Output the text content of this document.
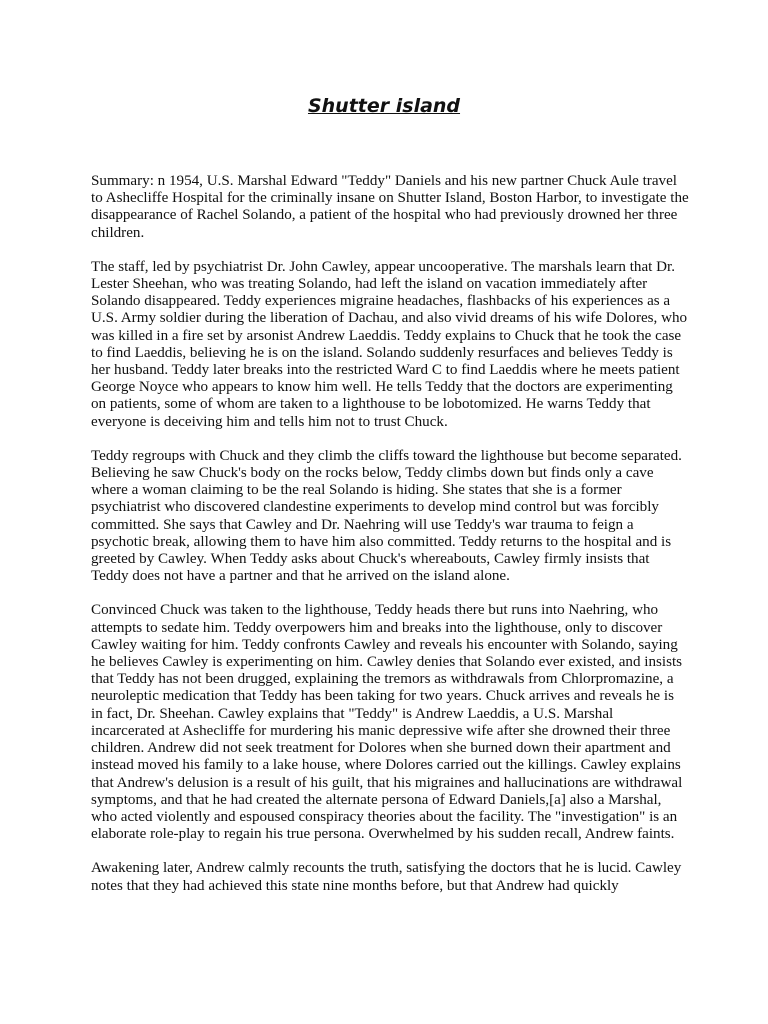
Shutter island

Summary: n 1954, U.S. Marshal Edward "Teddy" Daniels and his new partner Chuck Aule travel to Ashecliffe Hospital for the criminally insane on Shutter Island, Boston Harbor, to investigate the disappearance of Rachel Solando, a patient of the hospital who had previously drowned her three children.

The staff, led by psychiatrist Dr. John Cawley, appear uncooperative. The marshals learn that Dr. Lester Sheehan, who was treating Solando, had left the island on vacation immediately after Solando disappeared. Teddy experiences migraine headaches, flashbacks of his experiences as a U.S. Army soldier during the liberation of Dachau, and also vivid dreams of his wife Dolores, who was killed in a fire set by arsonist Andrew Laeddis. Teddy explains to Chuck that he took the case to find Laeddis, believing he is on the island. Solando suddenly resurfaces and believes Teddy is her husband. Teddy later breaks into the restricted Ward C to find Laeddis where he meets patient George Noyce who appears to know him well. He tells Teddy that the doctors are experimenting on patients, some of whom are taken to a lighthouse to be lobotomized. He warns Teddy that everyone is deceiving him and tells him not to trust Chuck.

Teddy regroups with Chuck and they climb the cliffs toward the lighthouse but become separated. Believing he saw Chuck's body on the rocks below, Teddy climbs down but finds only a cave where a woman claiming to be the real Solando is hiding. She states that she is a former psychiatrist who discovered clandestine experiments to develop mind control but was forcibly committed. She says that Cawley and Dr. Naehring will use Teddy's war trauma to feign a psychotic break, allowing them to have him also committed. Teddy returns to the hospital and is greeted by Cawley. When Teddy asks about Chuck's whereabouts, Cawley firmly insists that Teddy does not have a partner and that he arrived on the island alone.

Convinced Chuck was taken to the lighthouse, Teddy heads there but runs into Naehring, who attempts to sedate him. Teddy overpowers him and breaks into the lighthouse, only to discover Cawley waiting for him. Teddy confronts Cawley and reveals his encounter with Solando, saying he believes Cawley is experimenting on him. Cawley denies that Solando ever existed, and insists that Teddy has not been drugged, explaining the tremors as withdrawals from Chlorpromazine, a neuroleptic medication that Teddy has been taking for two years. Chuck arrives and reveals he is in fact, Dr. Sheehan. Cawley explains that "Teddy" is Andrew Laeddis, a U.S. Marshal incarcerated at Ashecliffe for murdering his manic depressive wife after she drowned their three children. Andrew did not seek treatment for Dolores when she burned down their apartment and instead moved his family to a lake house, where Dolores carried out the killings. Cawley explains that Andrew's delusion is a result of his guilt, that his migraines and hallucinations are withdrawal symptoms, and that he had created the alternate persona of Edward Daniels,[a] also a Marshal, who acted violently and espoused conspiracy theories about the facility. The "investigation" is an elaborate role-play to regain his true persona. Overwhelmed by his sudden recall, Andrew faints.

Awakening later, Andrew calmly recounts the truth, satisfying the doctors that he is lucid. Cawley notes that they had achieved this state nine months before, but that Andrew had quickly
